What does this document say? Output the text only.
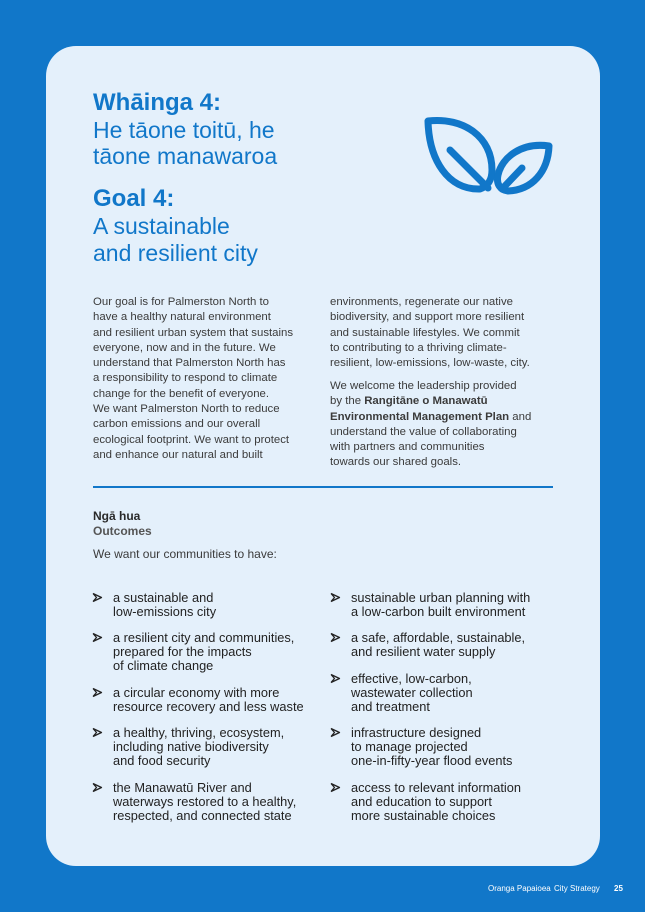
Whāinga 4:
He tāone toitū, he
tāone manawaroa
Goal 4:
A sustainable
and resilient city
Our goal is for Palmerston North to
have a healthy natural environment
and resilient urban system that sustains
everyone, now and in the future. We
understand that Palmerston North has
a responsibility to respond to climate
change for the benefit of everyone.
We want Palmerston North to reduce
carbon emissions and our overall
ecological footprint. We want to protect
and enhance our natural and built
environments, regenerate our native
biodiversity, and support more resilient
and sustainable lifestyles. We commit
to contributing to a thriving climate-
resilient, low-emissions, low-waste, city.
We welcome the leadership provided
by the Rangitāne o Manawatū
Environmental Management Plan and
understand the value of collaborating
with partners and communities
towards our shared goals.
Ngā hua
Outcomes
We want our communities to have:
a sustainable and
low-emissions city
a resilient city and communities,
prepared for the impacts
of climate change
a circular economy with more
resource recovery and less waste
a healthy, thriving, ecosystem,
including native biodiversity
and food security
the Manawatū River and
waterways restored to a healthy,
respected, and connected state
sustainable urban planning with
a low-carbon built environment
a safe, affordable, sustainable,
and resilient water supply
effective, low-carbon,
wastewater collection
and treatment
infrastructure designed
to manage projected
one-in-fifty-year flood events
access to relevant information
and education to support
more sustainable choices
Oranga Papaioea City Strategy 25
